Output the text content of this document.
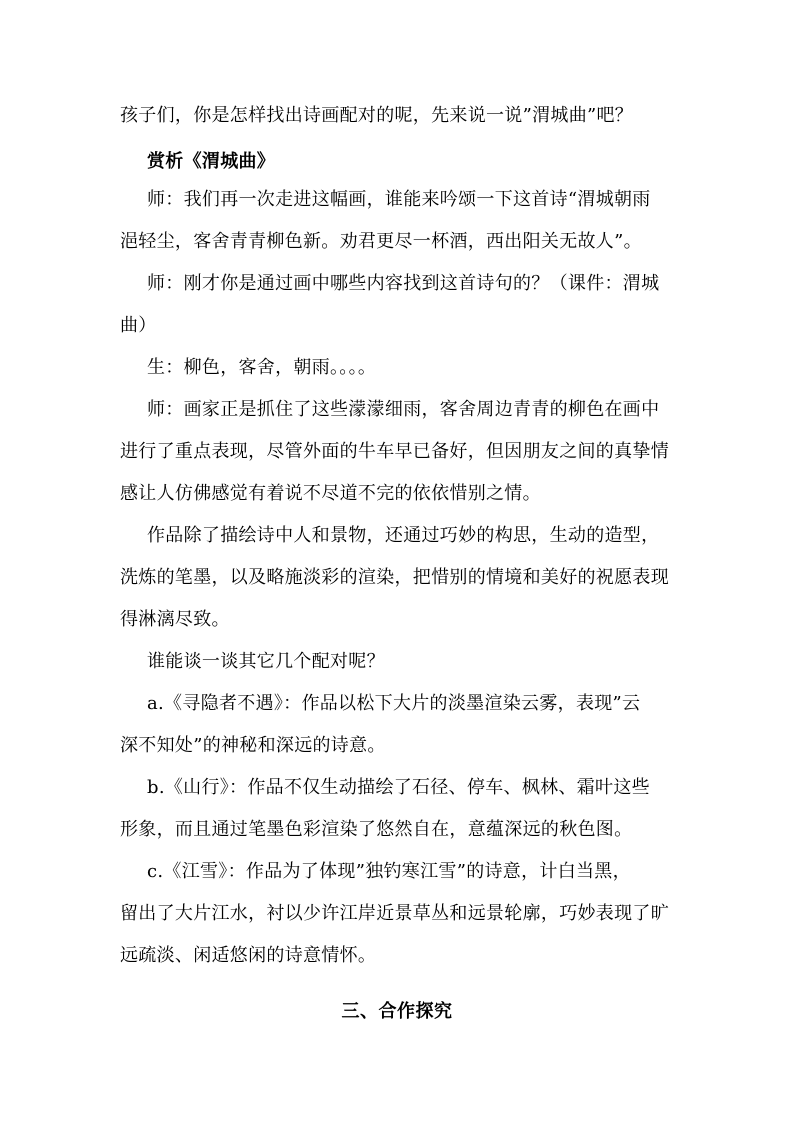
孩子们，你是怎样找出诗画配对的呢，先来说一说”渭城曲”吧？
赏析《渭城曲》
师：我们再一次走进这幅画，谁能来吟颂一下这首诗“渭城朝雨
浥轻尘，客舍青青柳色新。劝君更尽一杯酒，西出阳关无故人”。
师：刚才你是通过画中哪些内容找到这首诗句的？（课件：渭城
曲）
生：柳色，客舍，朝雨。。。。
师：画家正是抓住了这些濛濛细雨，客舍周边青青的柳色在画中
进行了重点表现，尽管外面的牛车早已备好，但因朋友之间的真挚情
感让人仿佛感觉有着说不尽道不完的依依惜别之情。
作品除了描绘诗中人和景物，还通过巧妙的构思，生动的造型，
洗炼的笔墨，以及略施淡彩的渲染，把惜别的情境和美好的祝愿表现
得淋漓尽致。
谁能谈一谈其它几个配对呢？
a.《寻隐者不遇》：作品以松下大片的淡墨渲染云雾，表现”云
深不知处”的神秘和深远的诗意。
b.《山行》：作品不仅生动描绘了石径、停车、枫林、霜叶这些
形象，而且通过笔墨色彩渲染了悠然自在，意蕴深远的秋色图。
c.《江雪》：作品为了体现”独钓寒江雪”的诗意，计白当黑，
留出了大片江水，衬以少许江岸近景草丛和远景轮廓，巧妙表现了旷
远疏淡、闲适悠闲的诗意情怀。
三、合作探究
